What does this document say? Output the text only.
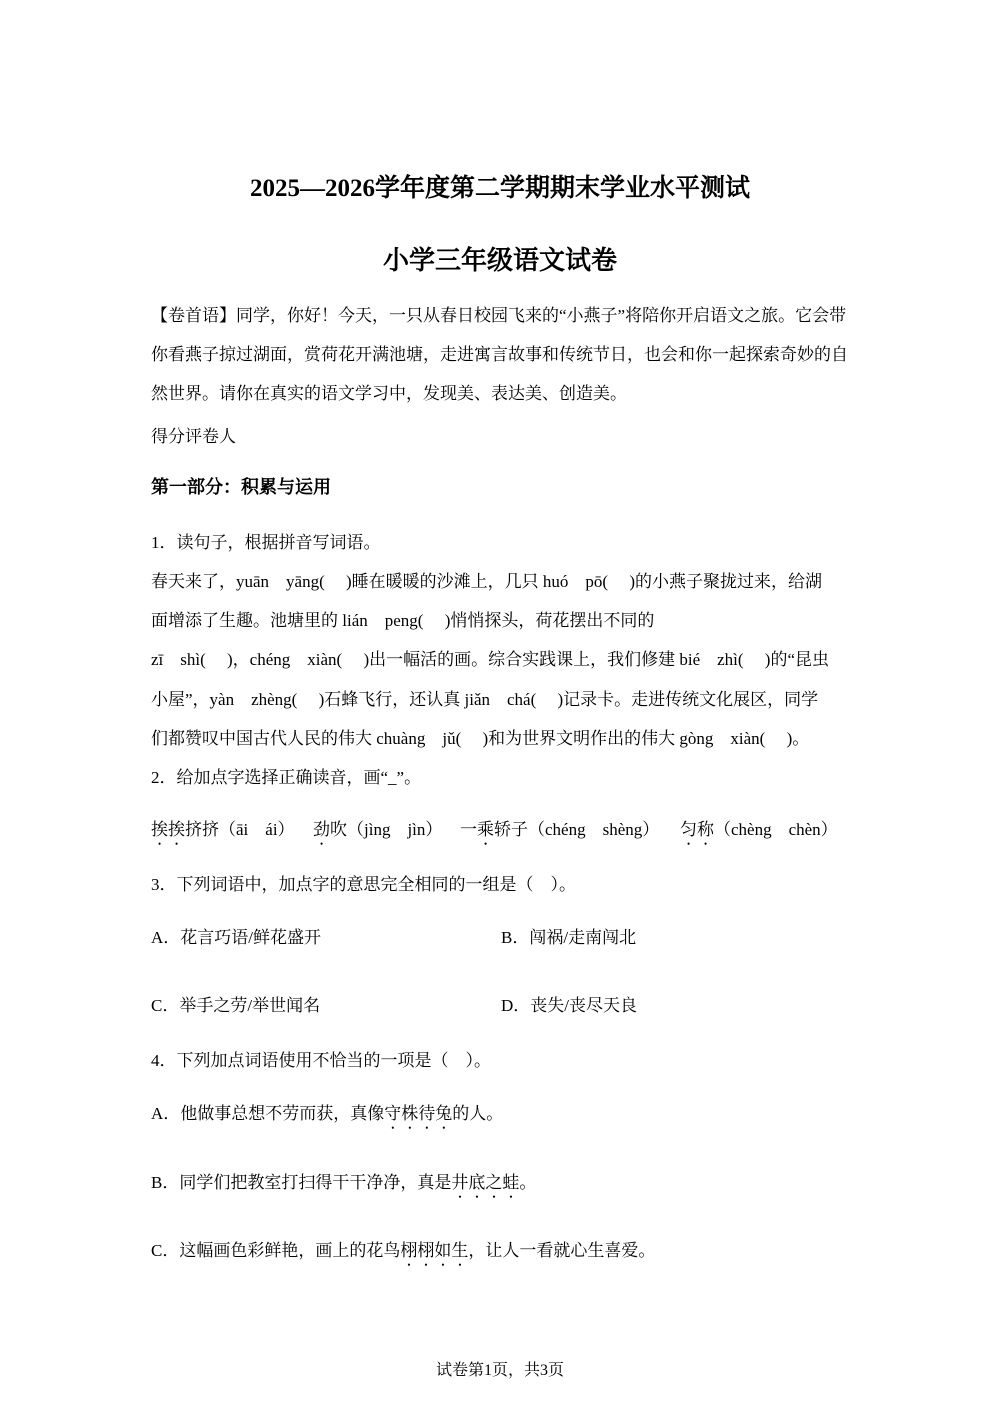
2025—2026学年度第二学期期末学业水平测试
小学三年级语文试卷
【卷首语】同学，你好！今天，一只从春日校园飞来的“小燕子”将陪你开启语文之旅。它会带你看燕子掠过湖面，赏荷花开满池塘，走进寓言故事和传统节日，也会和你一起探索奇妙的自然世界。请你在真实的语文学习中，发现美、表达美、创造美。
得分评卷人
第一部分：积累与运用
1．读句子，根据拼音写词语。
春天来了，yuān　yāng(　 )睡在暖暖的沙滩上，几只 huó　pō(　 )的小燕子聚拢过来，给湖
面增添了生趣。池塘里的 lián　peng(　 )悄悄探头，荷花摆出不同的
zī　shì(　 )，chéng　xiàn(　 )出一幅活的画。综合实践课上，我们修建 bié　zhì(　 )的“昆虫
小屋”，yàn　zhèng(　 )石蜂飞行，还认真 jiǎn　chá(　 )记录卡。走进传统文化展区，同学
们都赞叹中国古代人民的伟大 chuàng　jǔ(　 )和为世界文明作出的伟大 gòng　xiàn(　 )。
2．给加点字选择正确读音，画“_”。
挨挨挤挤（āi　ái） 劲吹（jìng　jìn） 一乘轿子（chéng　shèng） 匀称（chèng　chèn）
3．下列词语中，加点字的意思完全相同的一组是（　）。
A．花言巧语/鲜花盛开	B．闯祸/走南闯北
C．举手之劳/举世闻名	D．丧失/丧尽天良
4．下列加点词语使用不恰当的一项是（　）。
A．他做事总想不劳而获，真像守株待兔的人。
B．同学们把教室打扫得干干净净，真是井底之蛙。
C．这幅画色彩鲜艳，画上的花鸟栩栩如生，让人一看就心生喜爱。
试卷第1页，共3页
